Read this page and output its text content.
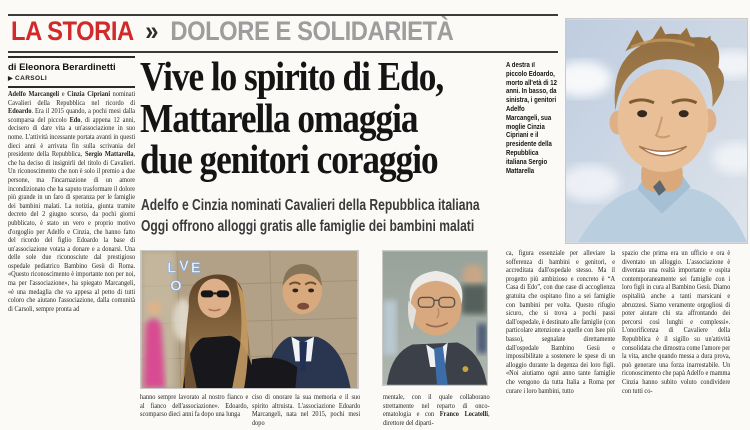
LA STORIA » DOLORE E SOLIDARIETÀ
di Eleonora Berardinetti
▶ CARSOLI	Vive lo spirito di Edo,
Mattarella omaggia
due genitori coraggio
Adelfo e Cinzia nominati Cavalieri della Repubblica italiana
Oggi offrono alloggi gratis alle famiglie dei bambini malati
A destra il piccolo Edoardo, morto all'età di 12 anni. In basso, da sinistra, i genitori Adelfo Marcangeli, sua moglie Cinzia Cipriani e il presidente della Repubblica italiana Sergio Mattarella
L V E
O
Adelfo Marcangeli e Cinzia Cipriani nominati Cavalieri della Repubblica nel ricordo di Edoardo. Era il 2015 quando, a pochi mesi dalla scomparsa del piccolo Edo, di appena 12 anni, decisero di dare vita a un'associazione in suo nome. L'attività incessante portata avanti in questi dieci anni è arrivata fin sulla scrivania del presidente della Repubblica, Sergio Mattarella, che ha deciso di insignirli del titolo di Cavalieri. Un riconoscimento che non è solo il premio a due persone, ma l'incarnazione di un amore incondizionato che ha saputo trasformare il dolore più grande in un faro di speranza per le famiglie dei bambini malati. La notizia, giunta tramite decreto del 2 giugno scorso, da pochi giorni pubblicato, è stato un vero e proprio motivo d'orgoglio per Adelfo e Cinzia, che hanno fatto del ricordo del figlio Edoardo la base di un'associazione votata a donare e a donarsi. Una delle sole due riconosciute dal prestigioso ospedale pediatrico Bambino Gesù di Roma. «Questo riconoscimento è importante non per noi, ma per l'associazione», ha spiegato Marcangeli, «è una medaglia che va appesa al petto di tutti coloro che aiutano l'associazione, dalla comunità di Carsoli, sempre pronta ad
hanno sempre lavorato al nostro fianco e al fianco dell'associazione». Edoardo, scomparso dieci anni fa dopo una lunga
ciso di onorare la sua memoria e il suo spirito altruista. L'associazione Edoardo Marcangeli, nata nel 2015, pochi mesi dopo
mentale, con il quale collaborano strettamente nel reparto di onco-ematologia e con Franco Locatelli, direttore del diparti-
ca, figura essenziale per alleviare la sofferenza di bambini e genitori, e accreditata dall'ospedale stesso. Ma il progetto più ambizioso e concreto è “A Casa di Edo”, con due case di accoglienza gratuita che ospitano fino a sei famiglie con bambini per volta. Questo rifugio sicuro, che si trova a pochi passi dall'ospedale, è destinato alle famiglie (con particolare attenzione a quelle con Isee più basso), segnalate direttamente dall'ospedale Bambino Gesù e impossibilitate a sostenere le spese di un alloggio durante la degenza dei loro figli. «Noi aiutiamo ogni anno tante famiglie che vengono da tutta Italia a Roma per curare i loro bambini, tutto
spazio che prima era un ufficio e ora è diventato un alloggio. L'associazione è diventata una realtà importante e ospita contemporaneamente sei famiglie con i loro figli in cura al Bambino Gesù. Diamo ospitalità anche a tanti marsicani e abruzzesi. Siamo veramente orgogliosi di poter aiutare chi sta affrontando dei percorsi così lunghi e complessi». L'onorificenza di Cavaliere della Repubblica è il sigillo su un'attività consolidata che dimostra come l'amore per la vita, anche quando messa a dura prova, può generare una forza inarrestabile. Un riconoscimento che papà Adelfo e mamma Cinzia hanno subito voluto condividere con tutti co-
